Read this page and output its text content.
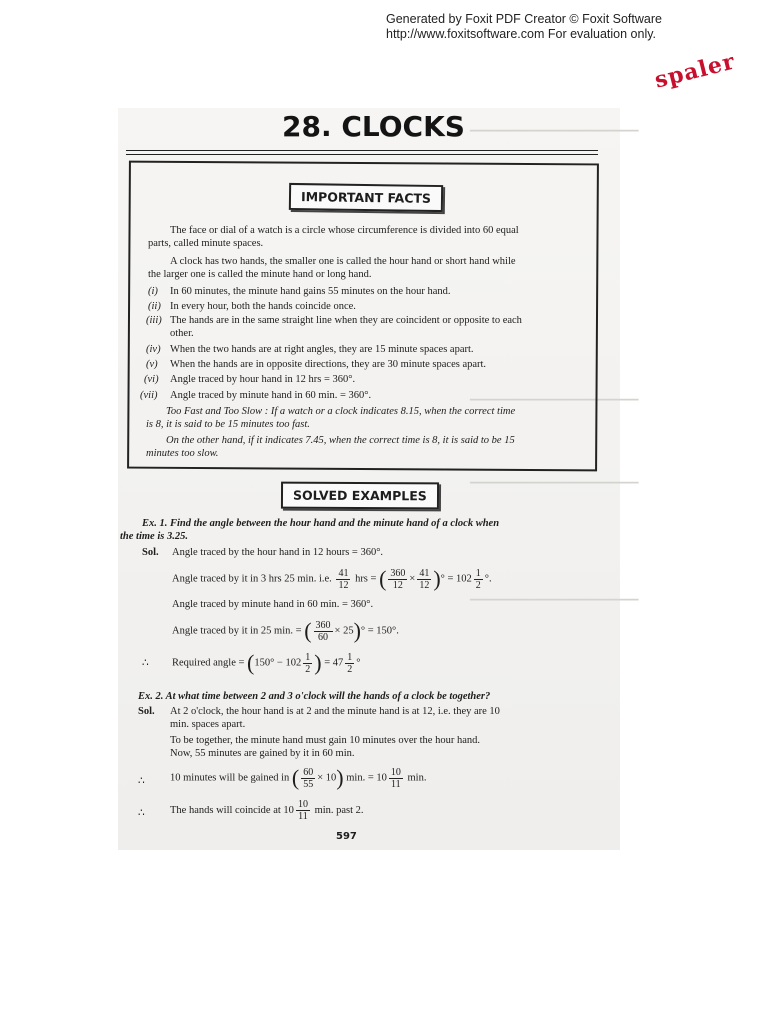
Generated by Foxit PDF Creator © Foxit Software
http://www.foxitsoftware.com For evaluation only.
spaler
━━━━━━━━━━━━━━━━━━━━━━━━━━━━
━━━━━━━━━━━━━━━━━━━━━━━━━━━━
━━━━━━━━━━━━━━━━━━━━━━━━━━━━
━━━━━━━━━━━━━━━━━━━━━━━━━━━━
28. CLOCKS
IMPORTANT FACTS
The face or dial of a watch is a circle whose circumference is divided into 60 equal
parts, called minute spaces.
A clock has two hands, the smaller one is called the hour hand or short hand while
the larger one is called the minute hand or long hand.
(i) In 60 minutes, the minute hand gains 55 minutes on the hour hand.
(ii) In every hour, both the hands coincide once.
(iii) The hands are in the same straight line when they are coincident or opposite to each
other.
(iv) When the two hands are at right angles, they are 15 minute spaces apart.
(v) When the hands are in opposite directions, they are 30 minute spaces apart.
(vi) Angle traced by hour hand in 12 hrs = 360°.
(vii) Angle traced by minute hand in 60 min. = 360°.
Too Fast and Too Slow : If a watch or a clock indicates 8.15, when the correct time
is 8, it is said to be 15 minutes too fast.
On the other hand, if it indicates 7.45, when the correct time is 8, it is said to be 15
minutes too slow.
SOLVED EXAMPLES
Ex. 1. Find the angle between the hour hand and the minute hand of a clock when
the time is 3.25.
Sol. Angle traced by the hour hand in 12 hours = 360°.
Angle traced by it in 3 hrs 25 min. i.e. $\frac{41}{12}$ hrs = ( $\frac{360}{12} \times \frac{41}{12}$ )° = $102 \frac{1}{2}$ °.
Angle traced by minute hand in 60 min. = 360°.
Angle traced by it in 25 min. = ( $\frac{360}{60} \times 25)^\circ = 150^\circ$.
∴ Required angle = ($150^\circ - 102 \frac{1}{2}$ ) = $47 \frac{1}{2}$ °
Ex. 2. At what time between 2 and 3 o'clock will the hands of a clock be together?
Sol. At 2 o'clock, the hour hand is at 2 and the minute hand is at 12, i.e. they are 10
min. spaces apart.
To be together, the minute hand must gain 10 minutes over the hour hand.
Now, 55 minutes are gained by it in 60 min.
∴ 10 minutes will be gained in ( $\frac{60}{55} \times 10$) min. = $10 \frac{10}{11} \min$.
∴ The hands will coincide at $10 \frac{10}{11} \min$. past 2.
597
